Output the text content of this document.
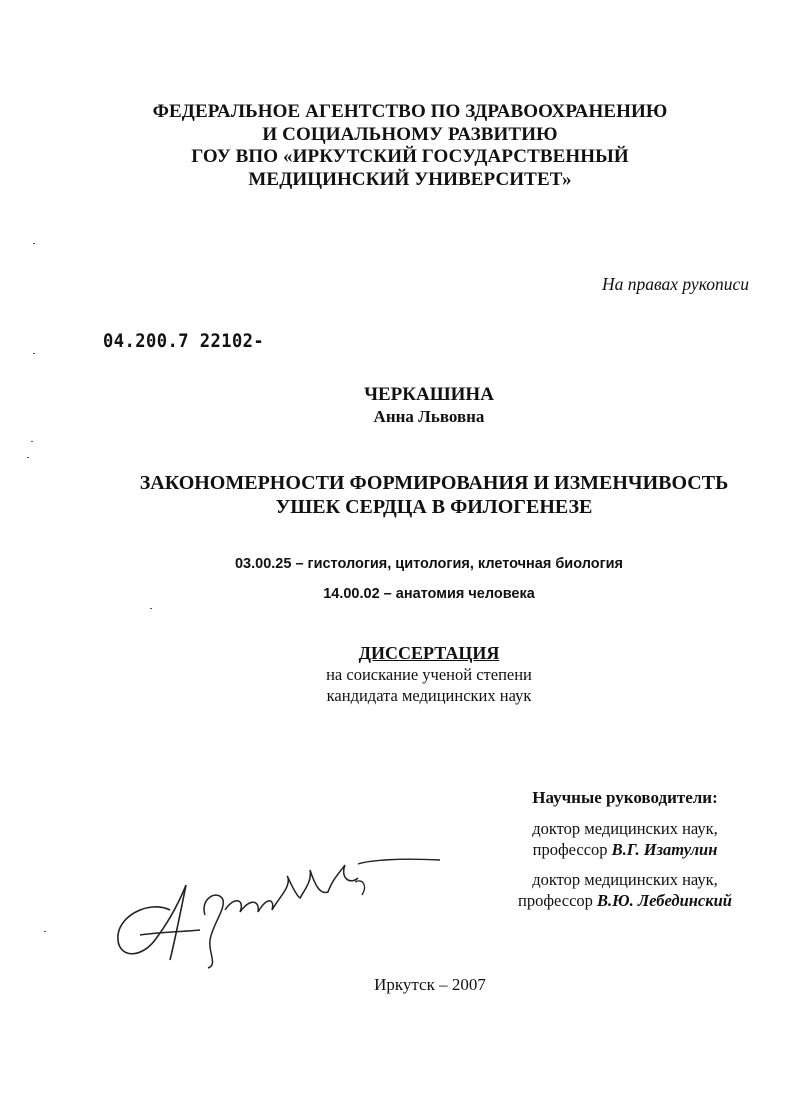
ФЕДЕРАЛЬНОЕ АГЕНТСТВО ПО ЗДРАВООХРАНЕНИЮ
И СОЦИАЛЬНОМУ РАЗВИТИЮ
ГОУ ВПО «ИРКУТСКИЙ ГОСУДАРСТВЕННЫЙ
МЕДИЦИНСКИЙ УНИВЕРСИТЕТ»
На правах рукописи
04.200.7 22102-
ЧЕРКАШИНА
Анна Львовна
ЗАКОНОМЕРНОСТИ ФОРМИРОВАНИЯ И ИЗМЕНЧИВОСТЬ
УШЕК СЕРДЦА В ФИЛОГЕНЕЗЕ
03.00.25 – гистология, цитология, клеточная биология
14.00.02 – анатомия человека
ДИССЕРТАЦИЯ
на соискание ученой степени
кандидата медицинских наук
Научные руководители:
доктор медицинских наук,
профессор В.Г. Изатулин
доктор медицинских наук,
профессор В.Ю. Лебединский
Иркутск – 2007
